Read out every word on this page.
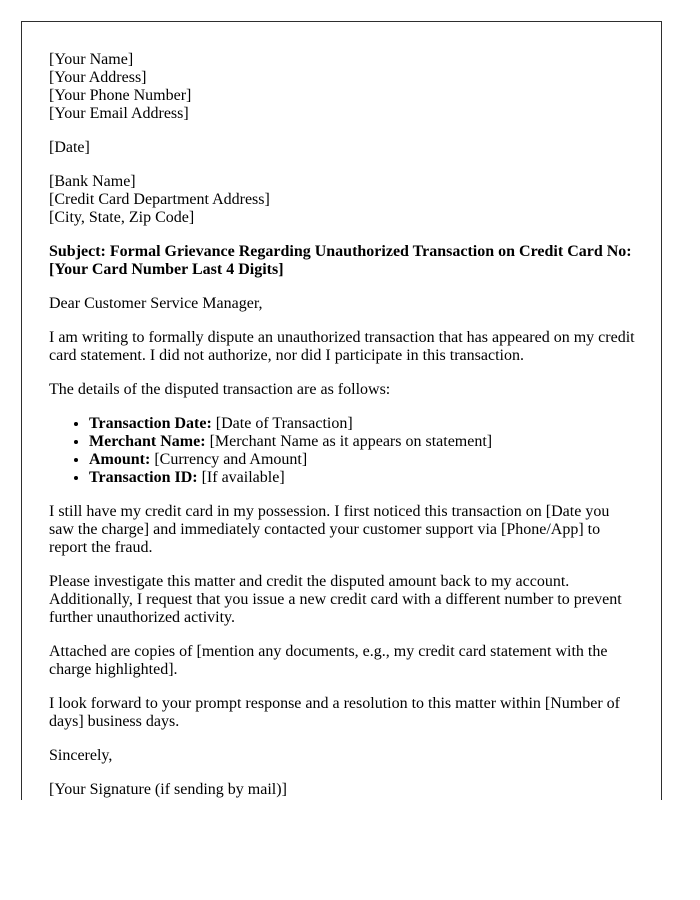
[Your Name]
[Your Address]
[Your Phone Number]
[Your Email Address]

[Date]

[Bank Name]
[Credit Card Department Address]
[City, State, Zip Code]

Subject: Formal Grievance Regarding Unauthorized Transaction on Credit Card No: [Your Card Number Last 4 Digits]

Dear Customer Service Manager,

I am writing to formally dispute an unauthorized transaction that has appeared on my credit card statement. I did not authorize, nor did I participate in this transaction.

The details of the disputed transaction are as follows:

• Transaction Date: [Date of Transaction]
• Merchant Name: [Merchant Name as it appears on statement]
• Amount: [Currency and Amount]
• Transaction ID: [If available]

I still have my credit card in my possession. I first noticed this transaction on [Date you saw the charge] and immediately contacted your customer support via [Phone/App] to report the fraud.

Please investigate this matter and credit the disputed amount back to my account. Additionally, I request that you issue a new credit card with a different number to prevent further unauthorized activity.

Attached are copies of [mention any documents, e.g., my credit card statement with the charge highlighted].

I look forward to your prompt response and a resolution to this matter within [Number of days] business days.

Sincerely,

[Your Signature (if sending by mail)]
